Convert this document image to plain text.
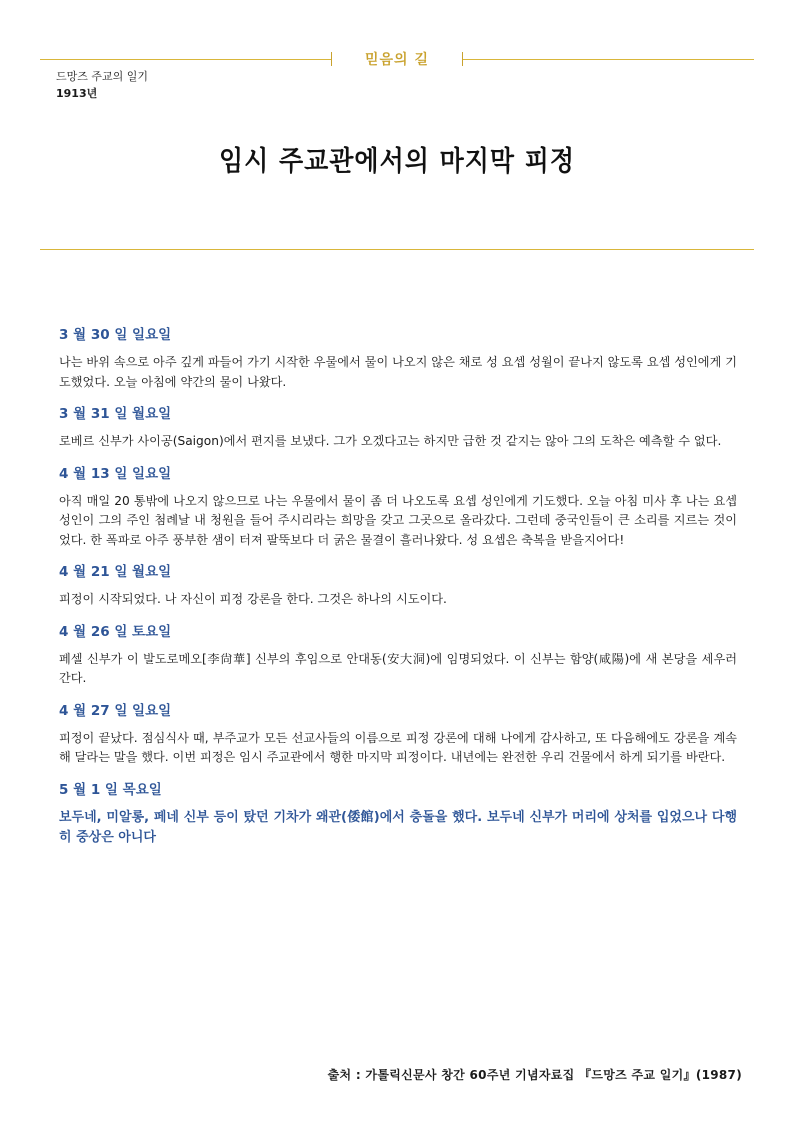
믿음의 길
드망즈 주교의 일기
1913년
임시 주교관에서의 마지막 피정
3 월 30 일 일요일
나는 바위 속으로 아주 깊게 파들어 가기 시작한 우물에서 물이 나오지 않은 채로 성 요셉 성월이 끝나지 않도록 요셉 성인에게 기도했었다. 오늘 아침에 약간의 물이 나왔다.
3 월 31 일 월요일
로베르 신부가 사이공(Saigon)에서 편지를 보냈다. 그가 오겠다고는 하지만 급한 것 같지는 않아 그의 도착은 예측할 수 없다.
4 월 13 일 일요일
아직 매일 20 통밖에 나오지 않으므로 나는 우물에서 물이 좀 더 나오도록 요셉 성인에게 기도했다. 오늘 아침 미사 후 나는 요셉 성인이 그의 주인 첨례날 내 청원을 들어 주시리라는 희망을 갖고 그곳으로 올라갔다. 그런데 중국인들이 큰 소리를 지르는 것이었다. 한 폭파로 아주 풍부한 샘이 터져 팔뚝보다 더 굵은 물결이 흘러나왔다. 성 요셉은 축복을 받을지어다!
4 월 21 일 월요일
피정이 시작되었다. 나 자신이 피정 강론을 한다. 그것은 하나의 시도이다.
4 월 26 일 토요일
페셀 신부가 이 발도로메오[李尙華] 신부의 후임으로 안대동(安大洞)에 임명되었다. 이 신부는 함양(咸陽)에 새 본당을 세우러 간다.
4 월 27 일 일요일
피정이 끝났다. 점심식사 때, 부주교가 모든 선교사들의 이름으로 피정 강론에 대해 나에게 감사하고, 또 다음해에도 강론을 계속해 달라는 말을 했다. 이번 피정은 임시 주교관에서 행한 마지막 피정이다. 내년에는 완전한 우리 건물에서 하게 되기를 바란다.
5 월 1 일 목요일
보두네, 미알롱, 페네 신부 등이 탔던 기차가 왜관(倭館)에서 충돌을 했다. 보두네 신부가 머리에 상처를 입었으나 다행히 중상은 아니다
출처 : 가톨릭신문사 창간 60주년 기념자료집 『드망즈 주교 일기』(1987)
